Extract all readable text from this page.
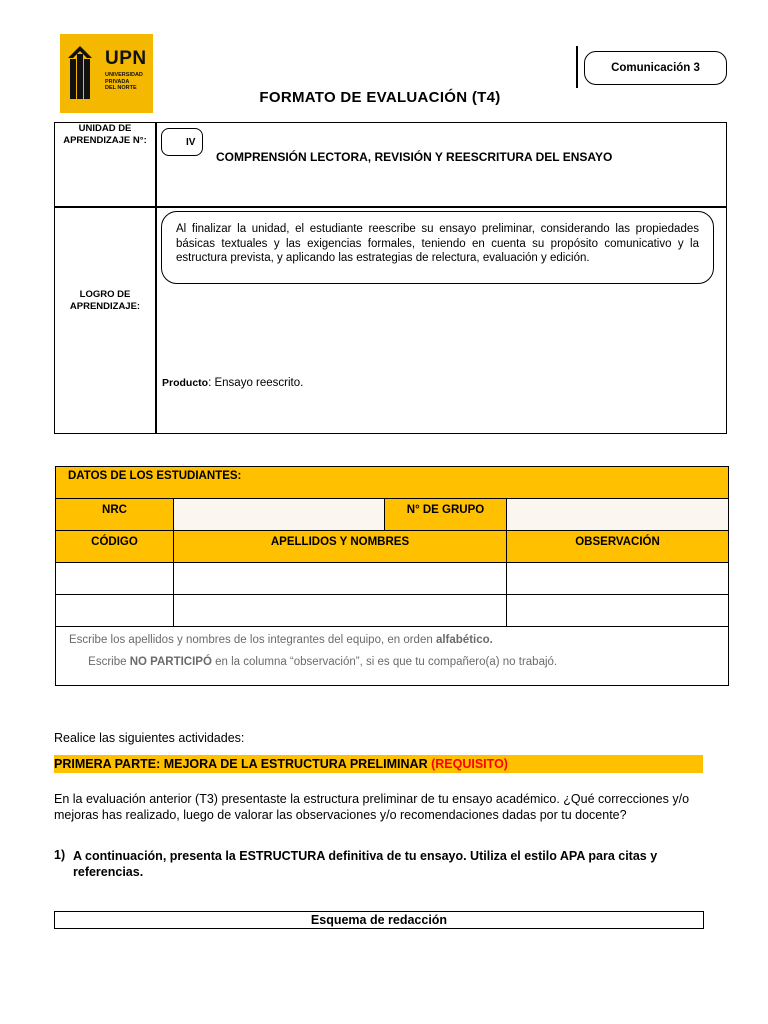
UPN
UNIVERSIDAD
PRIVADA
DEL NORTE
Comunicación 3
FORMATO DE EVALUACIÓN (T4)
UNIDAD DE APRENDIZAJE N°:	IV
COMPRENSIÓN LECTORA, REVISIÓN Y REESCRITURA DEL ENSAYO
LOGRO DE APRENDIZAJE:
Al finalizar la unidad, el estudiante reescribe su ensayo preliminar, considerando las propiedades básicas textuales y las exigencias formales, teniendo en cuenta su propósito comunicativo y la estructura prevista, y aplicando las estrategias de relectura, evaluación y edición.
Producto: Ensayo reescrito.
DATOS DE LOS ESTUDIANTES:			
NRC		N° DE GRUPO	
CÓDIGO	APELLIDOS Y NOMBRES		OBSERVACIÓN

Escribe los apellidos y nombres de los integrantes del equipo, en orden alfabético.
Escribe NO PARTICIPÓ en la columna “observación”, si es que tu compañero(a) no trabajó.			
Realice las siguientes actividades:
PRIMERA PARTE: MEJORA DE LA ESTRUCTURA PRELIMINAR (REQUISITO)
En la evaluación anterior (T3) presentaste la estructura preliminar de tu ensayo académico. ¿Qué correcciones y/o mejoras has realizado, luego de valorar las observaciones y/o recomendaciones dadas por tu docente?
1) A continuación, presenta la ESTRUCTURA definitiva de tu ensayo. Utiliza el estilo APA para citas y referencias.
Esquema de redacción
